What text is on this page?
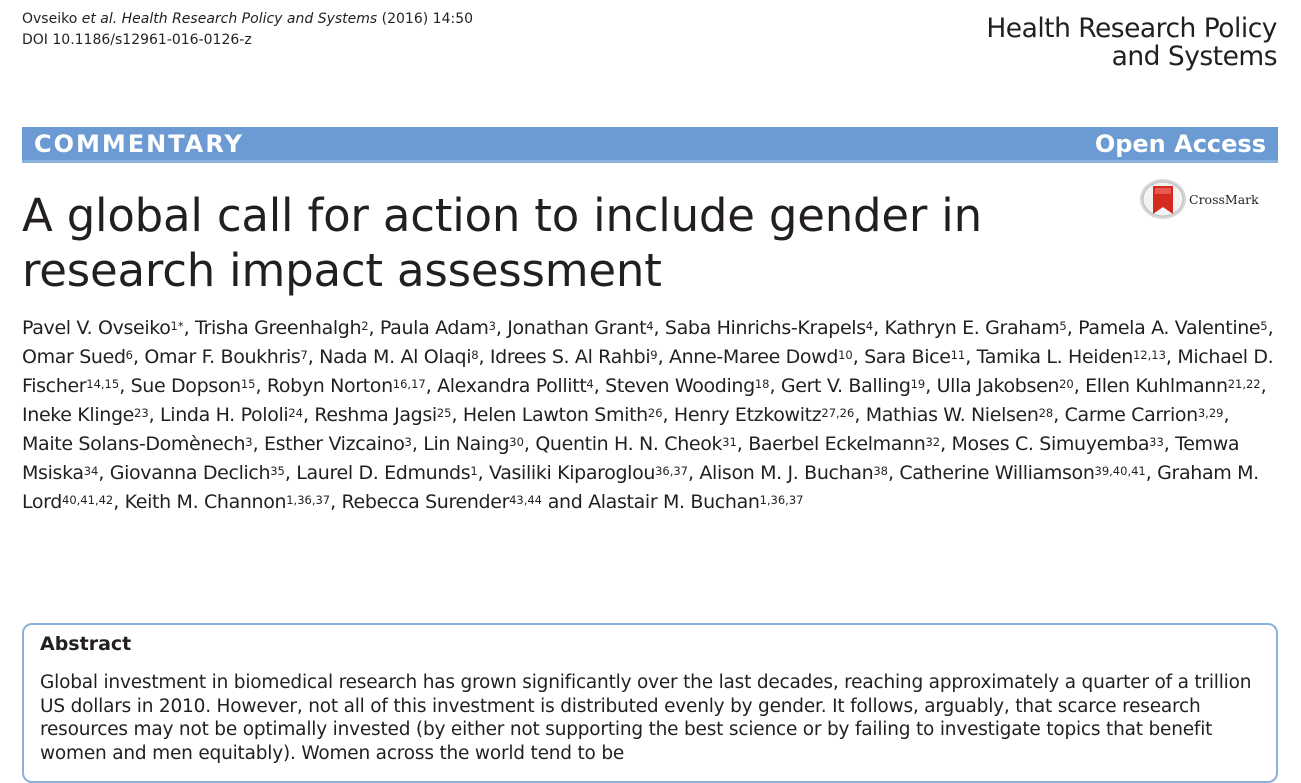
Ovseiko et al. Health Research Policy and Systems (2016) 14:50
DOI 10.1186/s12961-016-0126-z	Health Research Policy
and Systems
COMMENTARY	Open Access
CrossMark
A global call for action to include gender in research impact assessment
Pavel V. Ovseiko$^{1*}$, Trisha Greenhalgh$^2$, Paula Adam$^3$, Jonathan Grant$^4$, Saba Hinrichs-Krapels$^4$, Kathryn E. Graham$^5$, Pamela A. Valentine$^5$, Omar Sued$^6$, Omar F. Boukhris$^7$, Nada M. Al Olaqi$^8$, Idrees S. Al Rahbi$^9$, Anne-Maree Dowd$^{10}$, Sara Bice$^{11}$, Tamika L. Heiden$^{12,13}$, Michael D. Fischer$^{14,15}$, Sue Dopson$^{15}$, Robyn Norton$^{16,17}$, Alexandra Pollitt$^4$, Steven Wooding$^{18}$, Gert V. Balling$^{19}$, Ulla Jakobsen$^{20}$, Ellen Kuhlmann$^{21,22}$, Ineke Klinge$^{23}$, Linda H. Pololi$^{24}$, Reshma Jagsi$^{25}$, Helen Lawton Smith$^{26}$, Henry Etzkowitz$^{27,26}$, Mathias W. Nielsen$^{28}$, Carme Carrion$^{3,29}$, Maite Solans-Domènech$^3$, Esther Vizcaino$^3$, Lin Naing$^{30}$, Quentin H. N. Cheok$^{31}$, Baerbel Eckelmann$^{32}$, Moses C. Simuyemba$^{33}$, Temwa Msiska$^{34}$, Giovanna Declich$^{35}$, Laurel D. Edmunds$^1$, Vasiliki Kiparoglou$^{36,37}$, Alison M. J. Buchan$^{38}$, Catherine Williamson$^{39,40,41}$, Graham M. Lord$^{40,41,42}$, Keith M. Channon$^{1,36,37}$, Rebecca Surender$^{43,44}$ and Alastair M. Buchan$^{1,36,37}$
Abstract
Global investment in biomedical research has grown significantly over the last decades, reaching approximately a quarter of a trillion US dollars in 2010. However, not all of this investment is distributed evenly by gender. It follows, arguably, that scarce research resources may not be optimally invested (by either not supporting the best science or by failing to investigate topics that benefit women and men equitably). Women across the world tend to be
